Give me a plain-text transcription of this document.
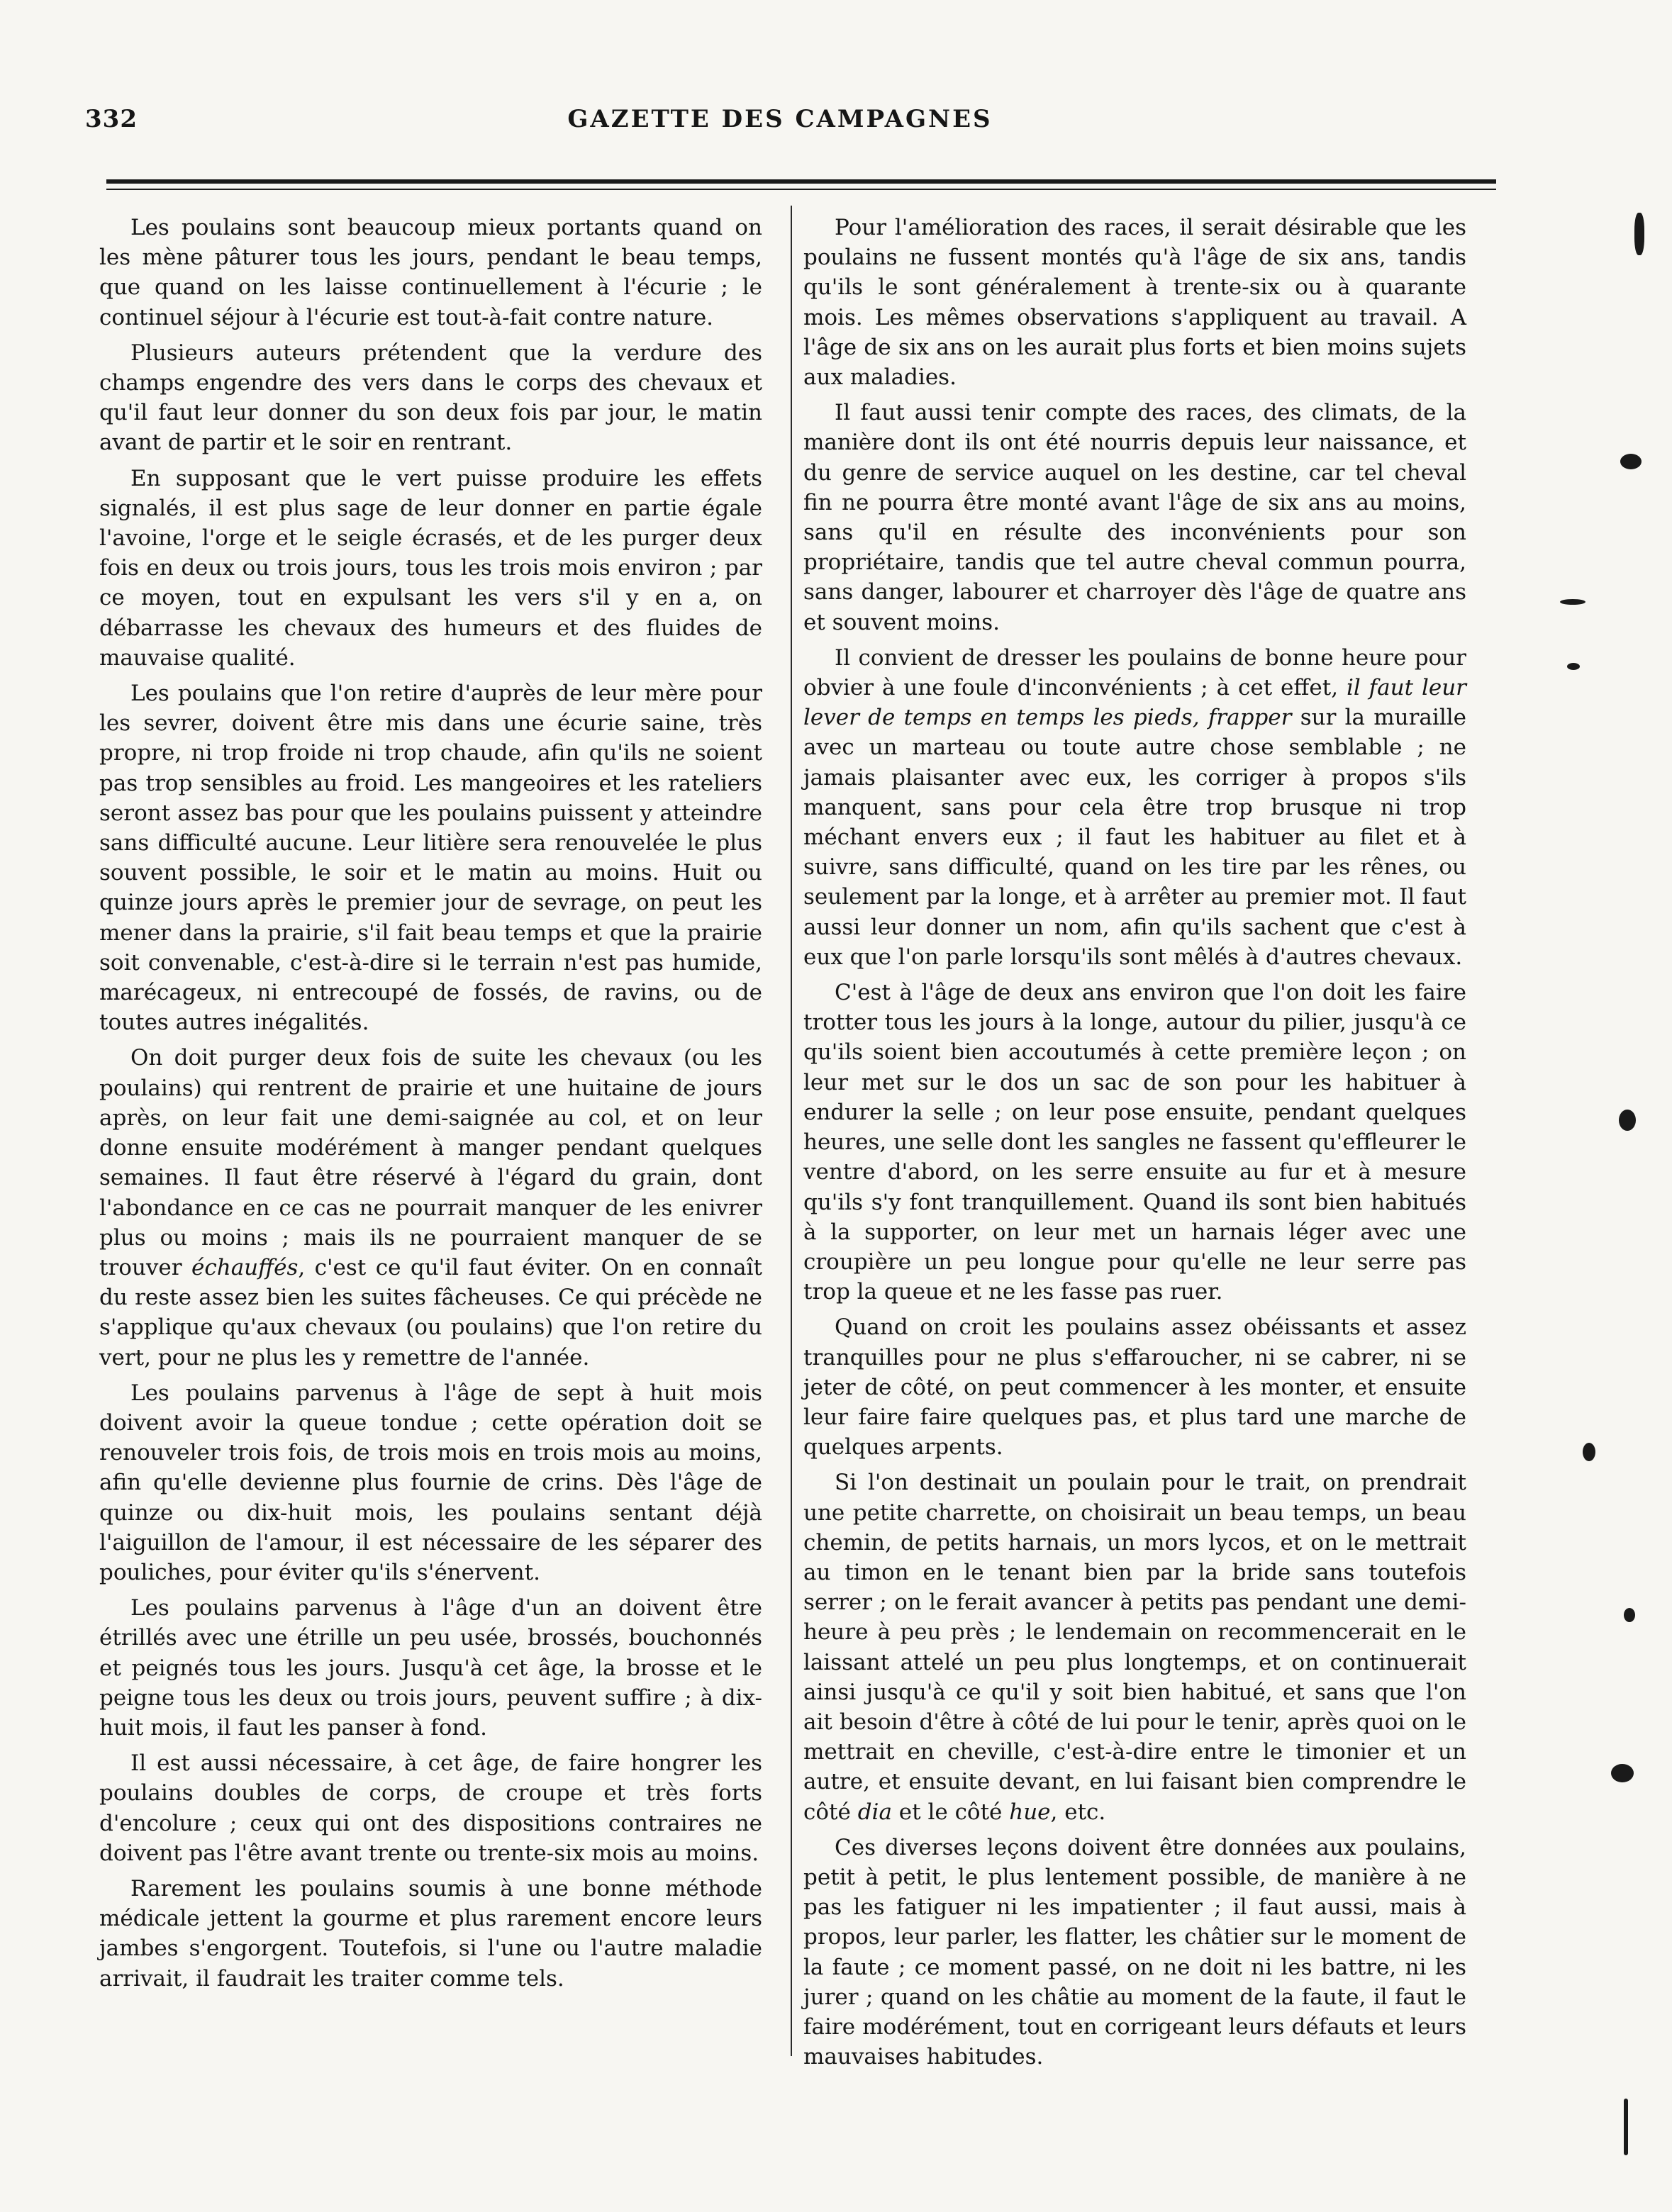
332	GAZETTE DES CAMPAGNES

Les poulains sont beaucoup mieux portants quand on les mène pâturer tous les jours, pendant le beau temps, que quand on les laisse continuellement à l'écurie ; le continuel séjour à l'écurie est tout-à-fait contre nature.

Plusieurs auteurs prétendent que la verdure des champs engendre des vers dans le corps des chevaux et qu'il faut leur donner du son deux fois par jour, le matin avant de partir et le soir en rentrant.

En supposant que le vert puisse produire les effets signalés, il est plus sage de leur donner en partie égale l'avoine, l'orge et le seigle écrasés, et de les purger deux fois en deux ou trois jours, tous les trois mois environ ; par ce moyen, tout en expulsant les vers s'il y en a, on débarrasse les chevaux des humeurs et des fluides de mauvaise qualité.

Les poulains que l'on retire d'auprès de leur mère pour les sevrer, doivent être mis dans une écurie saine, très propre, ni trop froide ni trop chaude, afin qu'ils ne soient pas trop sensibles au froid. Les mangeoires et les rateliers seront assez bas pour que les poulains puissent y atteindre sans difficulté aucune. Leur litière sera renouvelée le plus souvent possible, le soir et le matin au moins. Huit ou quinze jours après le premier jour de sevrage, on peut les mener dans la prairie, s'il fait beau temps et que la prairie soit convenable, c'est-à-dire si le terrain n'est pas humide, marécageux, ni entrecoupé de fossés, de ravins, ou de toutes autres inégalités.

On doit purger deux fois de suite les chevaux (ou les poulains) qui rentrent de prairie et une huitaine de jours après, on leur fait une demi-saignée au col, et on leur donne ensuite modérément à manger pendant quelques semaines. Il faut être réservé à l'égard du grain, dont l'abondance en ce cas ne pourrait manquer de les enivrer plus ou moins ; mais ils ne pourraient manquer de se trouver échauffés, c'est ce qu'il faut éviter. On en connaît du reste assez bien les suites fâcheuses. Ce qui précède ne s'applique qu'aux chevaux (ou poulains) que l'on retire du vert, pour ne plus les y remettre de l'année.

Les poulains parvenus à l'âge de sept à huit mois doivent avoir la queue tondue ; cette opération doit se renouveler trois fois, de trois mois en trois mois au moins, afin qu'elle devienne plus fournie de crins. Dès l'âge de quinze ou dix-huit mois, les poulains sentant déjà l'aiguillon de l'amour, il est nécessaire de les séparer des pouliches, pour éviter qu'ils s'énervent.

Les poulains parvenus à l'âge d'un an doivent être étrillés avec une étrille un peu usée, brossés, bouchonnés et peignés tous les jours. Jusqu'à cet âge, la brosse et le peigne tous les deux ou trois jours, peuvent suffire ; à dix-huit mois, il faut les panser à fond.

Il est aussi nécessaire, à cet âge, de faire hongrer les poulains doubles de corps, de croupe et très forts d'encolure ; ceux qui ont des dispositions contraires ne doivent pas l'être avant trente ou trente-six mois au moins.

Rarement les poulains soumis à une bonne méthode médicale jettent la gourme et plus rarement encore leurs jambes s'engorgent. Toutefois, si l'une ou l'autre maladie arrivait, il faudrait les traiter comme tels.

Pour l'amélioration des races, il serait désirable que les poulains ne fussent montés qu'à l'âge de six ans, tandis qu'ils le sont généralement à trente-six ou à quarante mois. Les mêmes observations s'appliquent au travail. A l'âge de six ans on les aurait plus forts et bien moins sujets aux maladies.

Il faut aussi tenir compte des races, des climats, de la manière dont ils ont été nourris depuis leur naissance, et du genre de service auquel on les destine, car tel cheval fin ne pourra être monté avant l'âge de six ans au moins, sans qu'il en résulte des inconvénients pour son propriétaire, tandis que tel autre cheval commun pourra, sans danger, labourer et charroyer dès l'âge de quatre ans et souvent moins.

Il convient de dresser les poulains de bonne heure pour obvier à une foule d'inconvénients ; à cet effet, il faut leur lever de temps en temps les pieds, frapper sur la muraille avec un marteau ou toute autre chose semblable ; ne jamais plaisanter avec eux, les corriger à propos s'ils manquent, sans pour cela être trop brusque ni trop méchant envers eux ; il faut les habituer au filet et à suivre, sans difficulté, quand on les tire par les rênes, ou seulement par la longe, et à arrêter au premier mot. Il faut aussi leur donner un nom, afin qu'ils sachent que c'est à eux que l'on parle lorsqu'ils sont mêlés à d'autres chevaux.

C'est à l'âge de deux ans environ que l'on doit les faire trotter tous les jours à la longe, autour du pilier, jusqu'à ce qu'ils soient bien accoutumés à cette première leçon ; on leur met sur le dos un sac de son pour les habituer à endurer la selle ; on leur pose ensuite, pendant quelques heures, une selle dont les sangles ne fassent qu'effleurer le ventre d'abord, on les serre ensuite au fur et à mesure qu'ils s'y font tranquillement. Quand ils sont bien habitués à la supporter, on leur met un harnais léger avec une croupière un peu longue pour qu'elle ne leur serre pas trop la queue et ne les fasse pas ruer.

Quand on croit les poulains assez obéissants et assez tranquilles pour ne plus s'effaroucher, ni se cabrer, ni se jeter de côté, on peut commencer à les monter, et ensuite leur faire faire quelques pas, et plus tard une marche de quelques arpents.

Si l'on destinait un poulain pour le trait, on prendrait une petite charrette, on choisirait un beau temps, un beau chemin, de petits harnais, un mors lycos, et on le mettrait au timon en le tenant bien par la bride sans toutefois serrer ; on le ferait avancer à petits pas pendant une demi-heure à peu près ; le lendemain on recommencerait en le laissant attelé un peu plus longtemps, et on continuerait ainsi jusqu'à ce qu'il y soit bien habitué, et sans que l'on ait besoin d'être à côté de lui pour le tenir, après quoi on le mettrait en cheville, c'est-à-dire entre le timonier et un autre, et ensuite devant, en lui faisant bien comprendre le côté dia et le côté hue, etc.

Ces diverses leçons doivent être données aux poulains, petit à petit, le plus lentement possible, de manière à ne pas les fatiguer ni les impatienter ; il faut aussi, mais à propos, leur parler, les flatter, les châtier sur le moment de la faute ; ce moment passé, on ne doit ni les battre, ni les jurer ; quand on les châtie au moment de la faute, il faut le faire modérément, tout en corrigeant leurs défauts et leurs mauvaises habitudes.
